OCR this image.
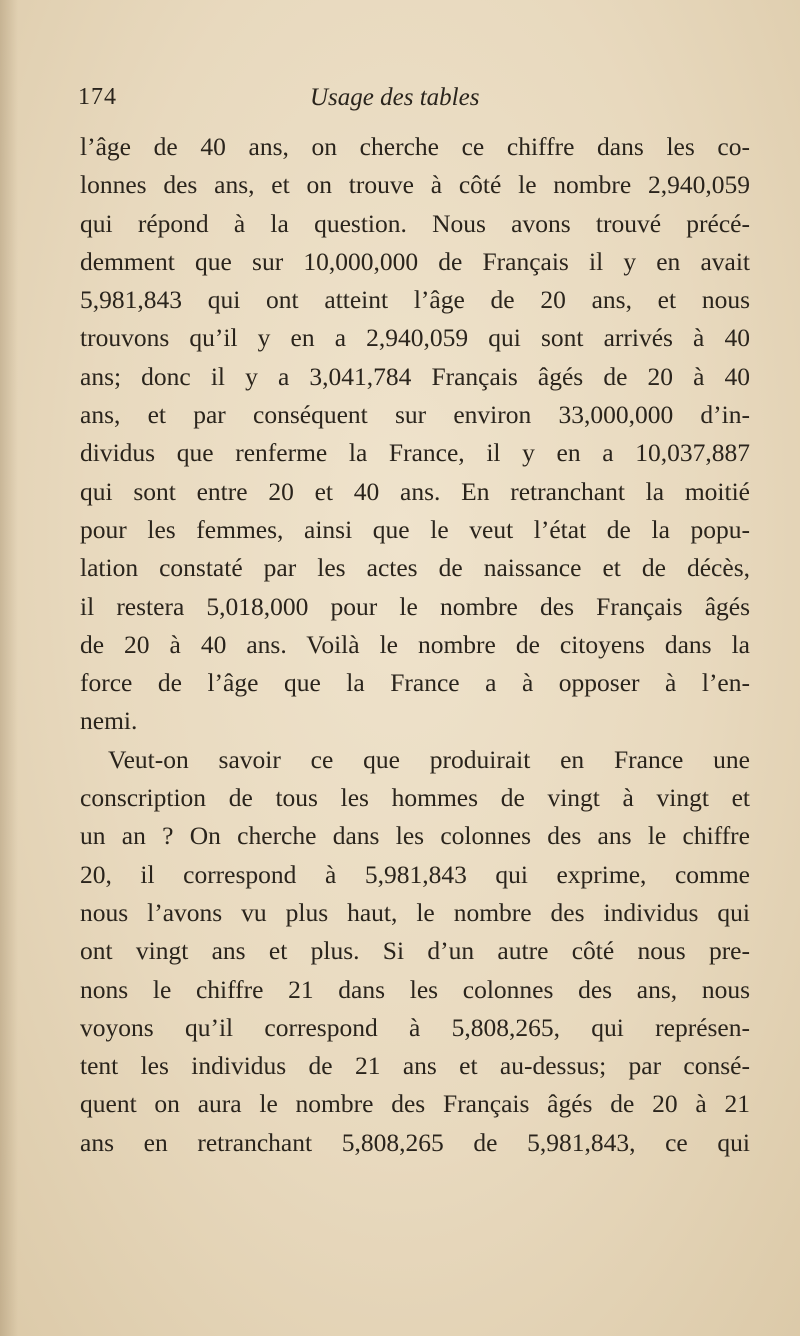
174	Usage des tables
l’âge de 40 ans, on cherche ce chiffre dans les co-
lonnes des ans, et on trouve à côté le nombre 2,940,059
qui répond à la question. Nous avons trouvé précé-
demment que sur 10,000,000 de Français il y en avait
5,981,843 qui ont atteint l’âge de 20 ans, et nous
trouvons qu’il y en a 2,940,059 qui sont arrivés à 40
ans; donc il y a 3,041,784 Français âgés de 20 à 40
ans, et par conséquent sur environ 33,000,000 d’in-
dividus que renferme la France, il y en a 10,037,887
qui sont entre 20 et 40 ans. En retranchant la moitié
pour les femmes, ainsi que le veut l’état de la popu-
lation constaté par les actes de naissance et de décès,
il restera 5,018,000 pour le nombre des Français âgés
de 20 à 40 ans. Voilà le nombre de citoyens dans la
force de l’âge que la France a à opposer à l’en-
nemi.
Veut-on savoir ce que produirait en France une
conscription de tous les hommes de vingt à vingt et
un an ? On cherche dans les colonnes des ans le chiffre
20, il correspond à 5,981,843 qui exprime, comme
nous l’avons vu plus haut, le nombre des individus qui
ont vingt ans et plus. Si d’un autre côté nous pre-
nons le chiffre 21 dans les colonnes des ans, nous
voyons qu’il correspond à 5,808,265, qui représen-
tent les individus de 21 ans et au-dessus; par consé-
quent on aura le nombre des Français âgés de 20 à 21
ans en retranchant 5,808,265 de 5,981,843, ce qui
